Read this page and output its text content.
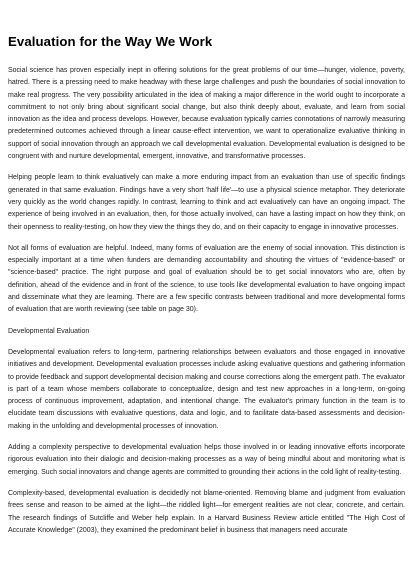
Evaluation for the Way We Work

Social science has proven especially inept in offering solutions for the great problems of our time—hunger, violence, poverty, hatred. There is a pressing need to make headway with these large challenges and push the boundaries of social innovation to make real progress. The very possibility articulated in the idea of making a major difference in the world ought to incorporate a commitment to not only bring about significant social change, but also think deeply about, evaluate, and learn from social innovation as the idea and process develops. However, because evaluation typically carries connotations of narrowly measuring predetermined outcomes achieved through a linear cause-effect intervention, we want to operationalize evaluative thinking in support of social innovation through an approach we call developmental evaluation. Developmental evaluation is designed to be congruent with and nurture developmental, emergent, innovative, and transformative processes.

Helping people learn to think evaluatively can make a more enduring impact from an evaluation than use of specific findings generated in that same evaluation. Findings have a very short 'half life'—to use a physical science metaphor. They deteriorate very quickly as the world changes rapidly. In contrast, learning to think and act evaluatively can have an ongoing impact. The experience of being involved in an evaluation, then, for those actually involved, can have a lasting impact on how they think, on their openness to reality-testing, on how they view the things they do, and on their capacity to engage in innovative processes.

Not all forms of evaluation are helpful. Indeed, many forms of evaluation are the enemy of social innovation. This distinction is especially important at a time when funders are demanding accountability and shouting the virtues of "evidence-based" or "science-based" practice. The right purpose and goal of evaluation should be to get social innovators who are, often by definition, ahead of the evidence and in front of the science, to use tools like developmental evaluation to have ongoing impact and disseminate what they are learning. There are a few specific contrasts between traditional and more developmental forms of evaluation that are worth reviewing (see table on page 30).

Developmental Evaluation

Developmental evaluation refers to long-term, partnering relationships between evaluators and those engaged in innovative initiatives and development. Developmental evaluation processes include asking evaluative questions and gathering information to provide feedback and support developmental decision making and course corrections along the emergent path. The evaluator is part of a team whose members collaborate to conceptualize, design and test new approaches in a long-term, on-going process of continuous improvement, adaptation, and intentional change. The evaluator's primary function in the team is to elucidate team discussions with evaluative questions, data and logic, and to facilitate data-based assessments and decision-making in the unfolding and developmental processes of innovation.

Adding a complexity perspective to developmental evaluation helps those involved in or leading innovative efforts incorporate rigorous evaluation into their dialogic and decision-making processes as a way of being mindful about and monitoring what is emerging. Such social innovators and change agents are committed to grounding their actions in the cold light of reality-testing.

Complexity-based, developmental evaluation is decidedly not blame-oriented. Removing blame and judgment from evaluation frees sense and reason to be aimed at the light—the riddled light—for emergent realities are not clear, concrete, and certain. The research findings of Sutcliffe and Weber help explain. In a Harvard Business Review article entitled "The High Cost of Accurate Knowledge" (2003), they examined the predominant belief in business that managers need accurate
